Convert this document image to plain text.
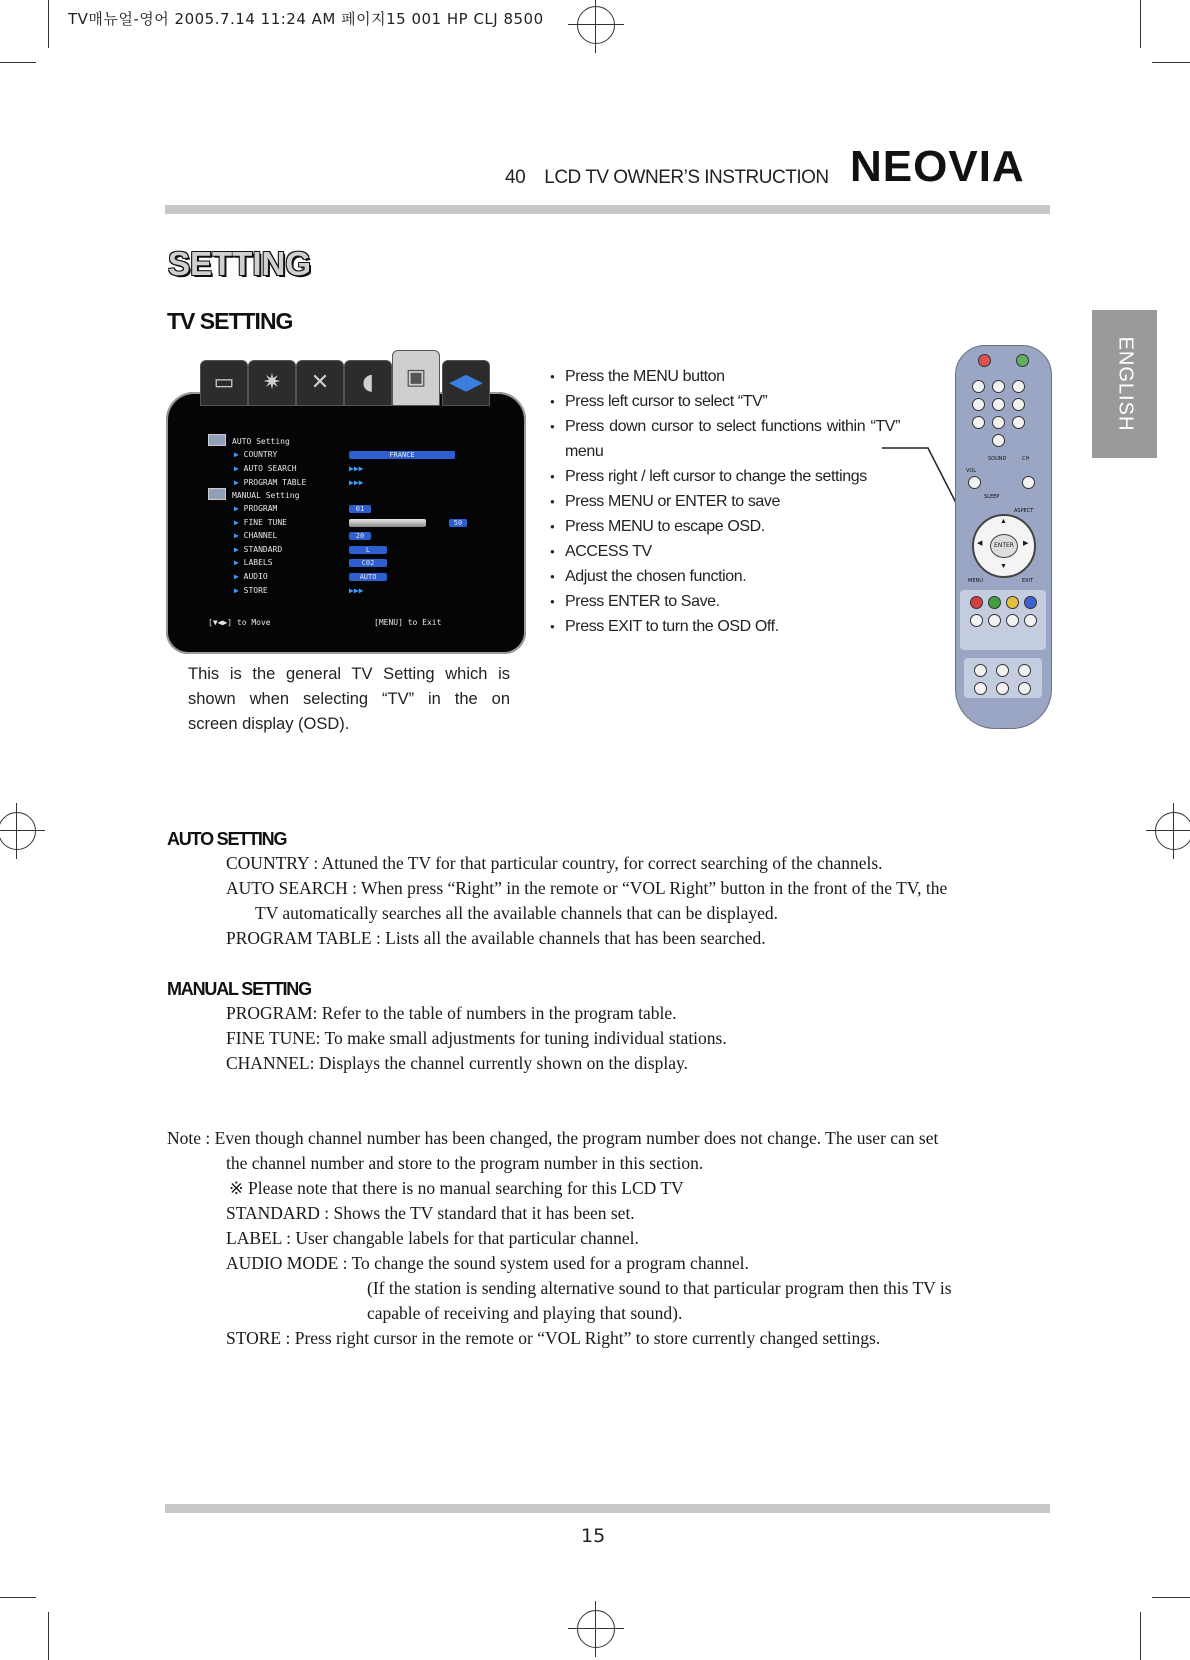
TV매뉴얼-영어 2005.7.14 11:24 AM 페이지15 001 HP CLJ 8500
40 LCD TV OWNER’S INSTRUCTION NEOVIA
ENGLISH
SETTING
TV SETTING
▭	✷	✕	◖	▣	◀▶
AUTO Setting
▶ COUNTRY	FRANCE
▶ AUTO SEARCH	▶▶▶
▶ PROGRAM TABLE	▶▶▶
MANUAL Setting
▶ PROGRAM	01
▶ FINE TUNE	50
▶ CHANNEL	20
▶ STANDARD	L
▶ LABELS	C02
▶ AUDIO	AUTO
▶ STORE	▶▶▶
[▼◀▶] to Move	[MENU] to Exit
This is the general TV Setting which is
shown when selecting “TV” in the on
screen display (OSD).
● Press the MENU button
● Press left cursor to select “TV”
● Press down cursor to select functions within “TV” menu
● Press right / left cursor to change the settings
● Press MENU or ENTER to save
● Press MENU to escape OSD.
● ACCESS TV
● Adjust the chosen function.
● Press ENTER to Save.
● Press EXIT to turn the OSD Off.
SOUND	CH
VOL
SLEEP
ASPECT
ENTER
▲
▼
◀	▶
MENU	EXIT
AUTO SETTING
COUNTRY : Attuned the TV for that particular country, for correct searching of the channels.
AUTO SEARCH : When press “Right” in the remote or “VOL Right” button in the front of the TV, the
TV automatically searches all the available channels that can be displayed.
PROGRAM TABLE : Lists all the available channels that has been searched.
MANUAL SETTING
PROGRAM: Refer to the table of numbers in the program table.
FINE TUNE: To make small adjustments for tuning individual stations.
CHANNEL: Displays the channel currently shown on the display.
Note : Even though channel number has been changed, the program number does not change. The user can set
the channel number and store to the program number in this section.
※ Please note that there is no manual searching for this LCD TV
STANDARD : Shows the TV standard that it has been set.
LABEL : User changable labels for that particular channel.
AUDIO MODE : To change the sound system used for a program channel.
(If the station is sending alternative sound to that particular program then this TV is
capable of receiving and playing that sound).
STORE : Press right cursor in the remote or “VOL Right” to store currently changed settings.
15
